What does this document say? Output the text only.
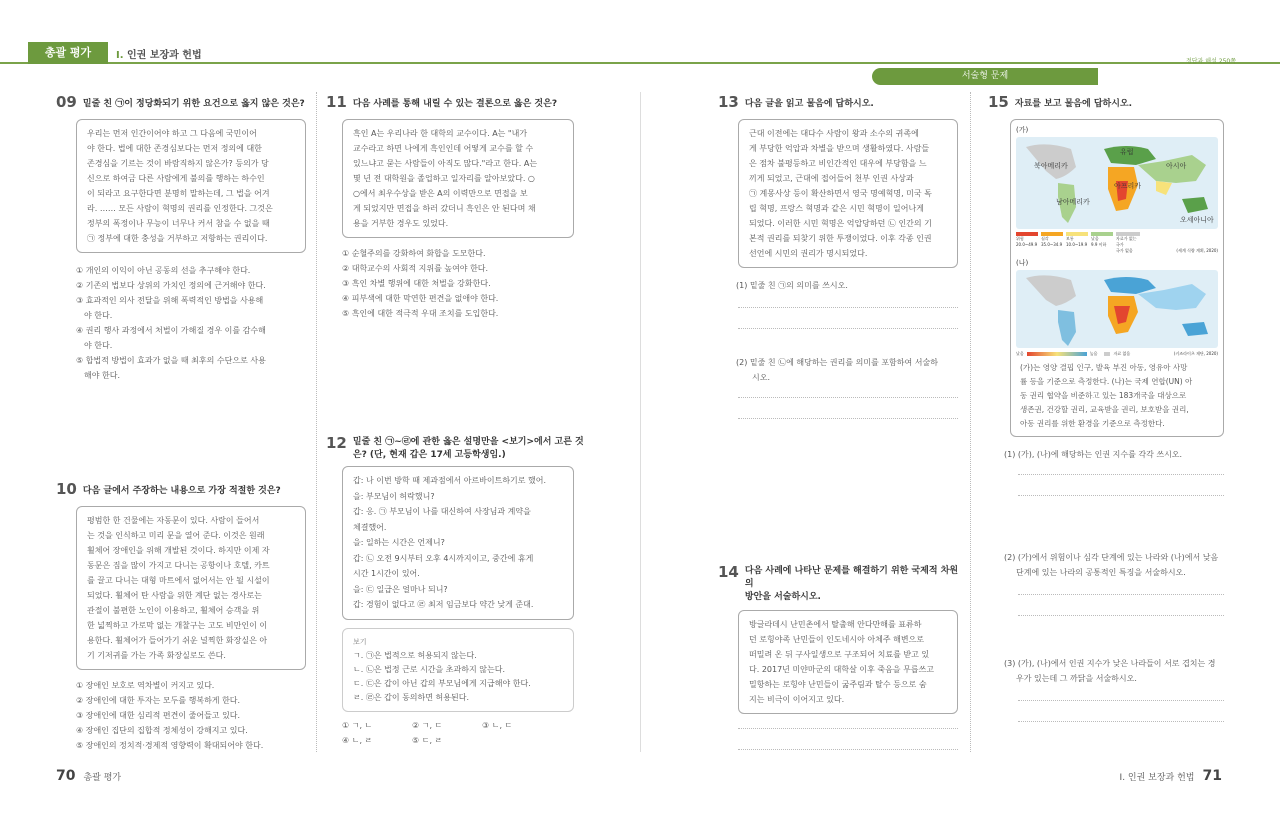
총괄 평가	I. 인권 보장과 헌법
정답과 해설 250쪽
서술형 문제
09 밑줄 친 ㉠이 정당화되기 위한 요건으로 옳지 않은 것은?
우리는 먼저 인간이어야 하고 그 다음에 국민이어
야 한다. 법에 대한 존경심보다는 먼저 정의에 대한
존경심을 기르는 것이 바람직하지 않은가? 등의가 당
신으로 하여금 다른 사람에게 불의를 행하는 하수인
이 되라고 요구한다면 분명히 말하는데, 그 법을 어겨
라. …… 모든 사람이 혁명의 권리를 인정한다. 그것은
정부의 폭정이나 무능이 너무나 커서 참을 수 없을 때
㉠ 정부에 대한 충성을 거부하고 저항하는 권리이다.
① 개인의 이익이 아닌 공동의 선을 추구해야 한다.
② 기존의 법보다 상위의 가치인 정의에 근거해야 한다.
③ 효과적인 의사 전달을 위해 폭력적인 방법을 사용해
야 한다.
④ 권리 행사 과정에서 처벌이 가해질 경우 이를 감수해
야 한다.
⑤ 합법적 방법이 효과가 없을 때 최후의 수단으로 사용
해야 한다.
10 다음 글에서 주장하는 내용으로 가장 적절한 것은?
평범한 한 건물에는 자동문이 있다. 사람이 들어서
는 것을 인식하고 미리 문을 열어 준다. 이것은 원래
휠체어 장애인을 위해 개발된 것이다. 하지만 이제 자
동문은 짐을 많이 가지고 다니는 공항이나 호텔, 카트
를 끌고 다니는 대형 마트에서 없어서는 안 될 시설이
되었다. 휠체어 탄 사람을 위한 계단 없는 경사로는
관절이 불편한 노인이 이용하고, 휠체어 승객을 위
한 넓찍하고 가로막 없는 개찰구는 고도 비만인이 이
용한다. 휠체어가 들어가기 쉬운 널찍한 화장실은 아
기 기저귀를 가는 가족 화장실로도 쓴다.
① 장애인 보호로 역차별이 커지고 있다.
② 장애인에 대한 투자는 모두를 행복하게 한다.
③ 장애인에 대한 심리적 편견이 줄어들고 있다.
④ 장애인 집단의 집합적 정체성이 강해지고 있다.
⑤ 장애인의 정치적·경제적 영향력이 확대되어야 한다.
11 다음 사례를 통해 내릴 수 있는 결론으로 옳은 것은?
흑인 A는 우리나라 한 대학의 교수이다. A는 "내가
교수라고 하면 나에게 흑인인데 어떻게 교수를 할 수
있느냐고 묻는 사람들이 아직도 많다."라고 한다. A는
몇 년 전 대학원을 졸업하고 일자리를 알아보았다. ○
○에서 최우수상을 받은 A의 이력만으로 면접을 보
게 되었지만 면접을 하러 갔더니 흑인은 안 된다며 채
용을 거부한 경우도 있었다.
① 순혈주의를 강화하여 화합을 도모한다.
② 대학교수의 사회적 지위를 높여야 한다.
③ 흑인 차별 행위에 대한 처벌을 강화한다.
④ 피부색에 대한 막연한 편견을 없애야 한다.
⑤ 흑인에 대한 적극적 우대 조치를 도입한다.
12 밑줄 친 ㉠~㉣에 관한 옳은 설명만을 <보기>에서 고른 것
은? (단, 현재 갑은 17세 고등학생임.)
갑: 나 이번 방학 때 제과점에서 아르바이트하기로 했어.
을: 부모님이 허락했니?
갑: 응. ㉠ 부모님이 나를 대신하여 사장님과 계약을
체결했어.
을: 일하는 시간은 언제니?
갑: ㉡ 오전 9시부터 오후 4시까지이고, 중간에 휴게
시간 1시간이 있어.
을: ㉢ 일급은 얼마나 되니?
갑: 경험이 없다고 ㉣ 최저 임금보다 약간 낮게 준대.
보기
ㄱ. ㉠은 법적으로 허용되지 않는다.
ㄴ. ㉡은 법정 근로 시간을 초과하지 않는다.
ㄷ. ㉢은 갑이 아닌 갑의 부모님에게 지급해야 한다.
ㄹ. ㉣은 갑이 동의하면 허용된다.
① ㄱ, ㄴ	② ㄱ, ㄷ	③ ㄴ, ㄷ
④ ㄴ, ㄹ	⑤ ㄷ, ㄹ
13 다음 글을 읽고 물음에 답하시오.
근대 이전에는 대다수 사람이 왕과 소수의 귀족에
게 부당한 억압과 차별을 받으며 생활하였다. 사람들
은 점차 불평등하고 비인간적인 대우에 부당함을 느
끼게 되었고, 근대에 접어들어 천부 인권 사상과
㉠ 계몽사상 등이 확산하면서 영국 명예혁명, 미국 독
립 혁명, 프랑스 혁명과 같은 시민 혁명이 일어나게
되었다. 이러한 시민 혁명은 억압당하던 ㉡ 인간의 기
본적 권리를 되찾기 위한 투쟁이었다. 이후 각종 인권
선언에 시민의 권리가 명시되었다.
(1) 밑줄 친 ㉠의 의미를 쓰시오.
(2) 밑줄 친 ㉡에 해당하는 권리를 의미를 포함하여 서술하
시오.
14 다음 사례에 나타난 문제를 해결하기 위한 국제적 차원의
방안을 서술하시오.
방글라데시 난민촌에서 탈출해 안다만해를 표류하
던 로힝야족 난민들이 인도네시아 아체주 해변으로
떠밀려 온 뒤 구사일생으로 구조되어 치료를 받고 있
다. 2017년 미얀마군의 대학살 이후 죽음을 무릅쓰고
밀항하는 로힝야 난민들이 굶주림과 탈수 등으로 숨
지는 비극이 이어지고 있다.
15 자료를 보고 물음에 답하시오.
(가)
유럽
아시아
아프리카
남아메리카
북아메리카
오세아니아
위험
20.0~49.9
심각
35.0~34.9
보통
10.0~19.9
낮음
9.9 이하
자료가 없는 국가
국가 없음	(세계 식량 계획, 2020)
(나)
낮음	높음	자료 없음	(키즈라이츠 재단, 2020)
(가)는 영양 결핍 인구, 발육 부진 아동, 영유아 사망
률 등을 기준으로 측정한다. (나)는 국제 연합(UN) 아
동 권리 협약을 비준하고 있는 183개국을 대상으로
생존권, 건강할 권리, 교육받을 권리, 보호받을 권리,
아동 권리를 위한 환경을 기준으로 측정한다.
(1) (가), (나)에 해당하는 인권 지수를 각각 쓰시오.
(2) (가)에서 위험이나 심각 단계에 있는 나라와 (나)에서 낮음
단계에 있는 나라의 공통적인 특징을 서술하시오.
(3) (가), (나)에서 인권 지수가 낮은 나라들이 서로 겹치는 경
우가 있는데 그 까닭을 서술하시오.
70 총괄 평가	I. 인권 보장과 헌법 71
